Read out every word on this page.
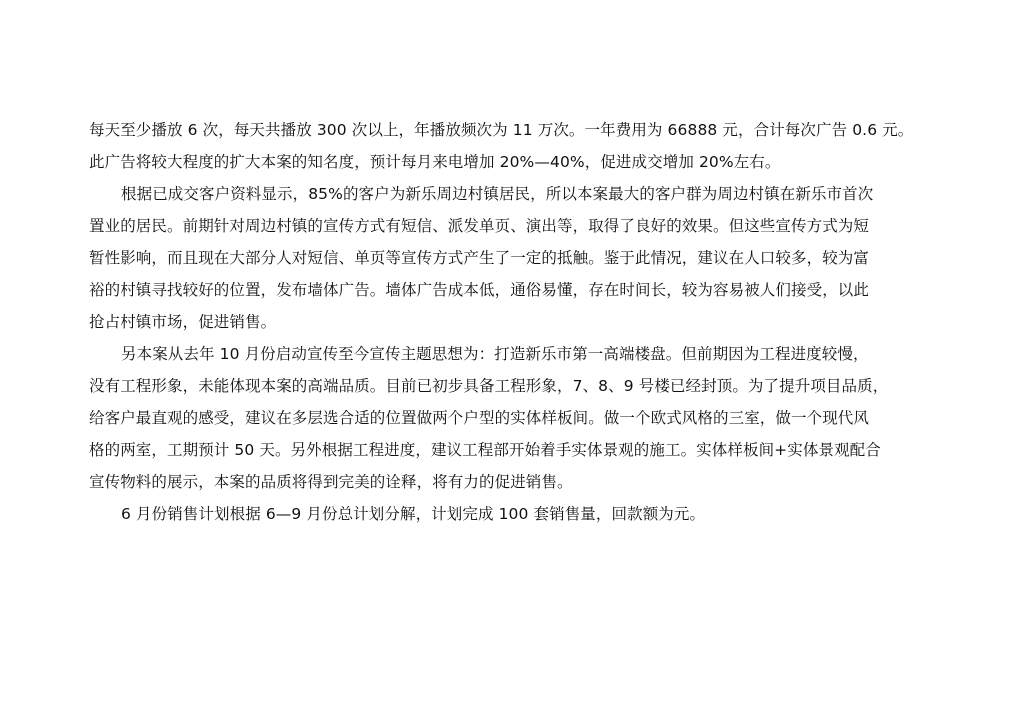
每天至少播放 6 次，每天共播放 300 次以上，年播放频次为 11 万次。一年费用为 66888 元，合计每次广告 0.6 元。
此广告将较大程度的扩大本案的知名度，预计每月来电增加 20%—40%，促进成交增加 20%左右。
根据已成交客户资料显示，85%的客户为新乐周边村镇居民，所以本案最大的客户群为周边村镇在新乐市首次
置业的居民。前期针对周边村镇的宣传方式有短信、派发单页、演出等，取得了良好的效果。但这些宣传方式为短
暂性影响，而且现在大部分人对短信、单页等宣传方式产生了一定的抵触。鉴于此情况，建议在人口较多，较为富
裕的村镇寻找较好的位置，发布墙体广告。墙体广告成本低，通俗易懂，存在时间长，较为容易被人们接受，以此
抢占村镇市场，促进销售。
另本案从去年 10 月份启动宣传至今宣传主题思想为：打造新乐市第一高端楼盘。但前期因为工程进度较慢，
没有工程形象，未能体现本案的高端品质。目前已初步具备工程形象，7、8、9 号楼已经封顶。为了提升项目品质，
给客户最直观的感受，建议在多层选合适的位置做两个户型的实体样板间。做一个欧式风格的三室，做一个现代风
格的两室，工期预计 50 天。另外根据工程进度，建议工程部开始着手实体景观的施工。实体样板间+实体景观配合
宣传物料的展示，本案的品质将得到完美的诠释，将有力的促进销售。
6 月份销售计划根据 6—9 月份总计划分解，计划完成 100 套销售量，回款额为元。
